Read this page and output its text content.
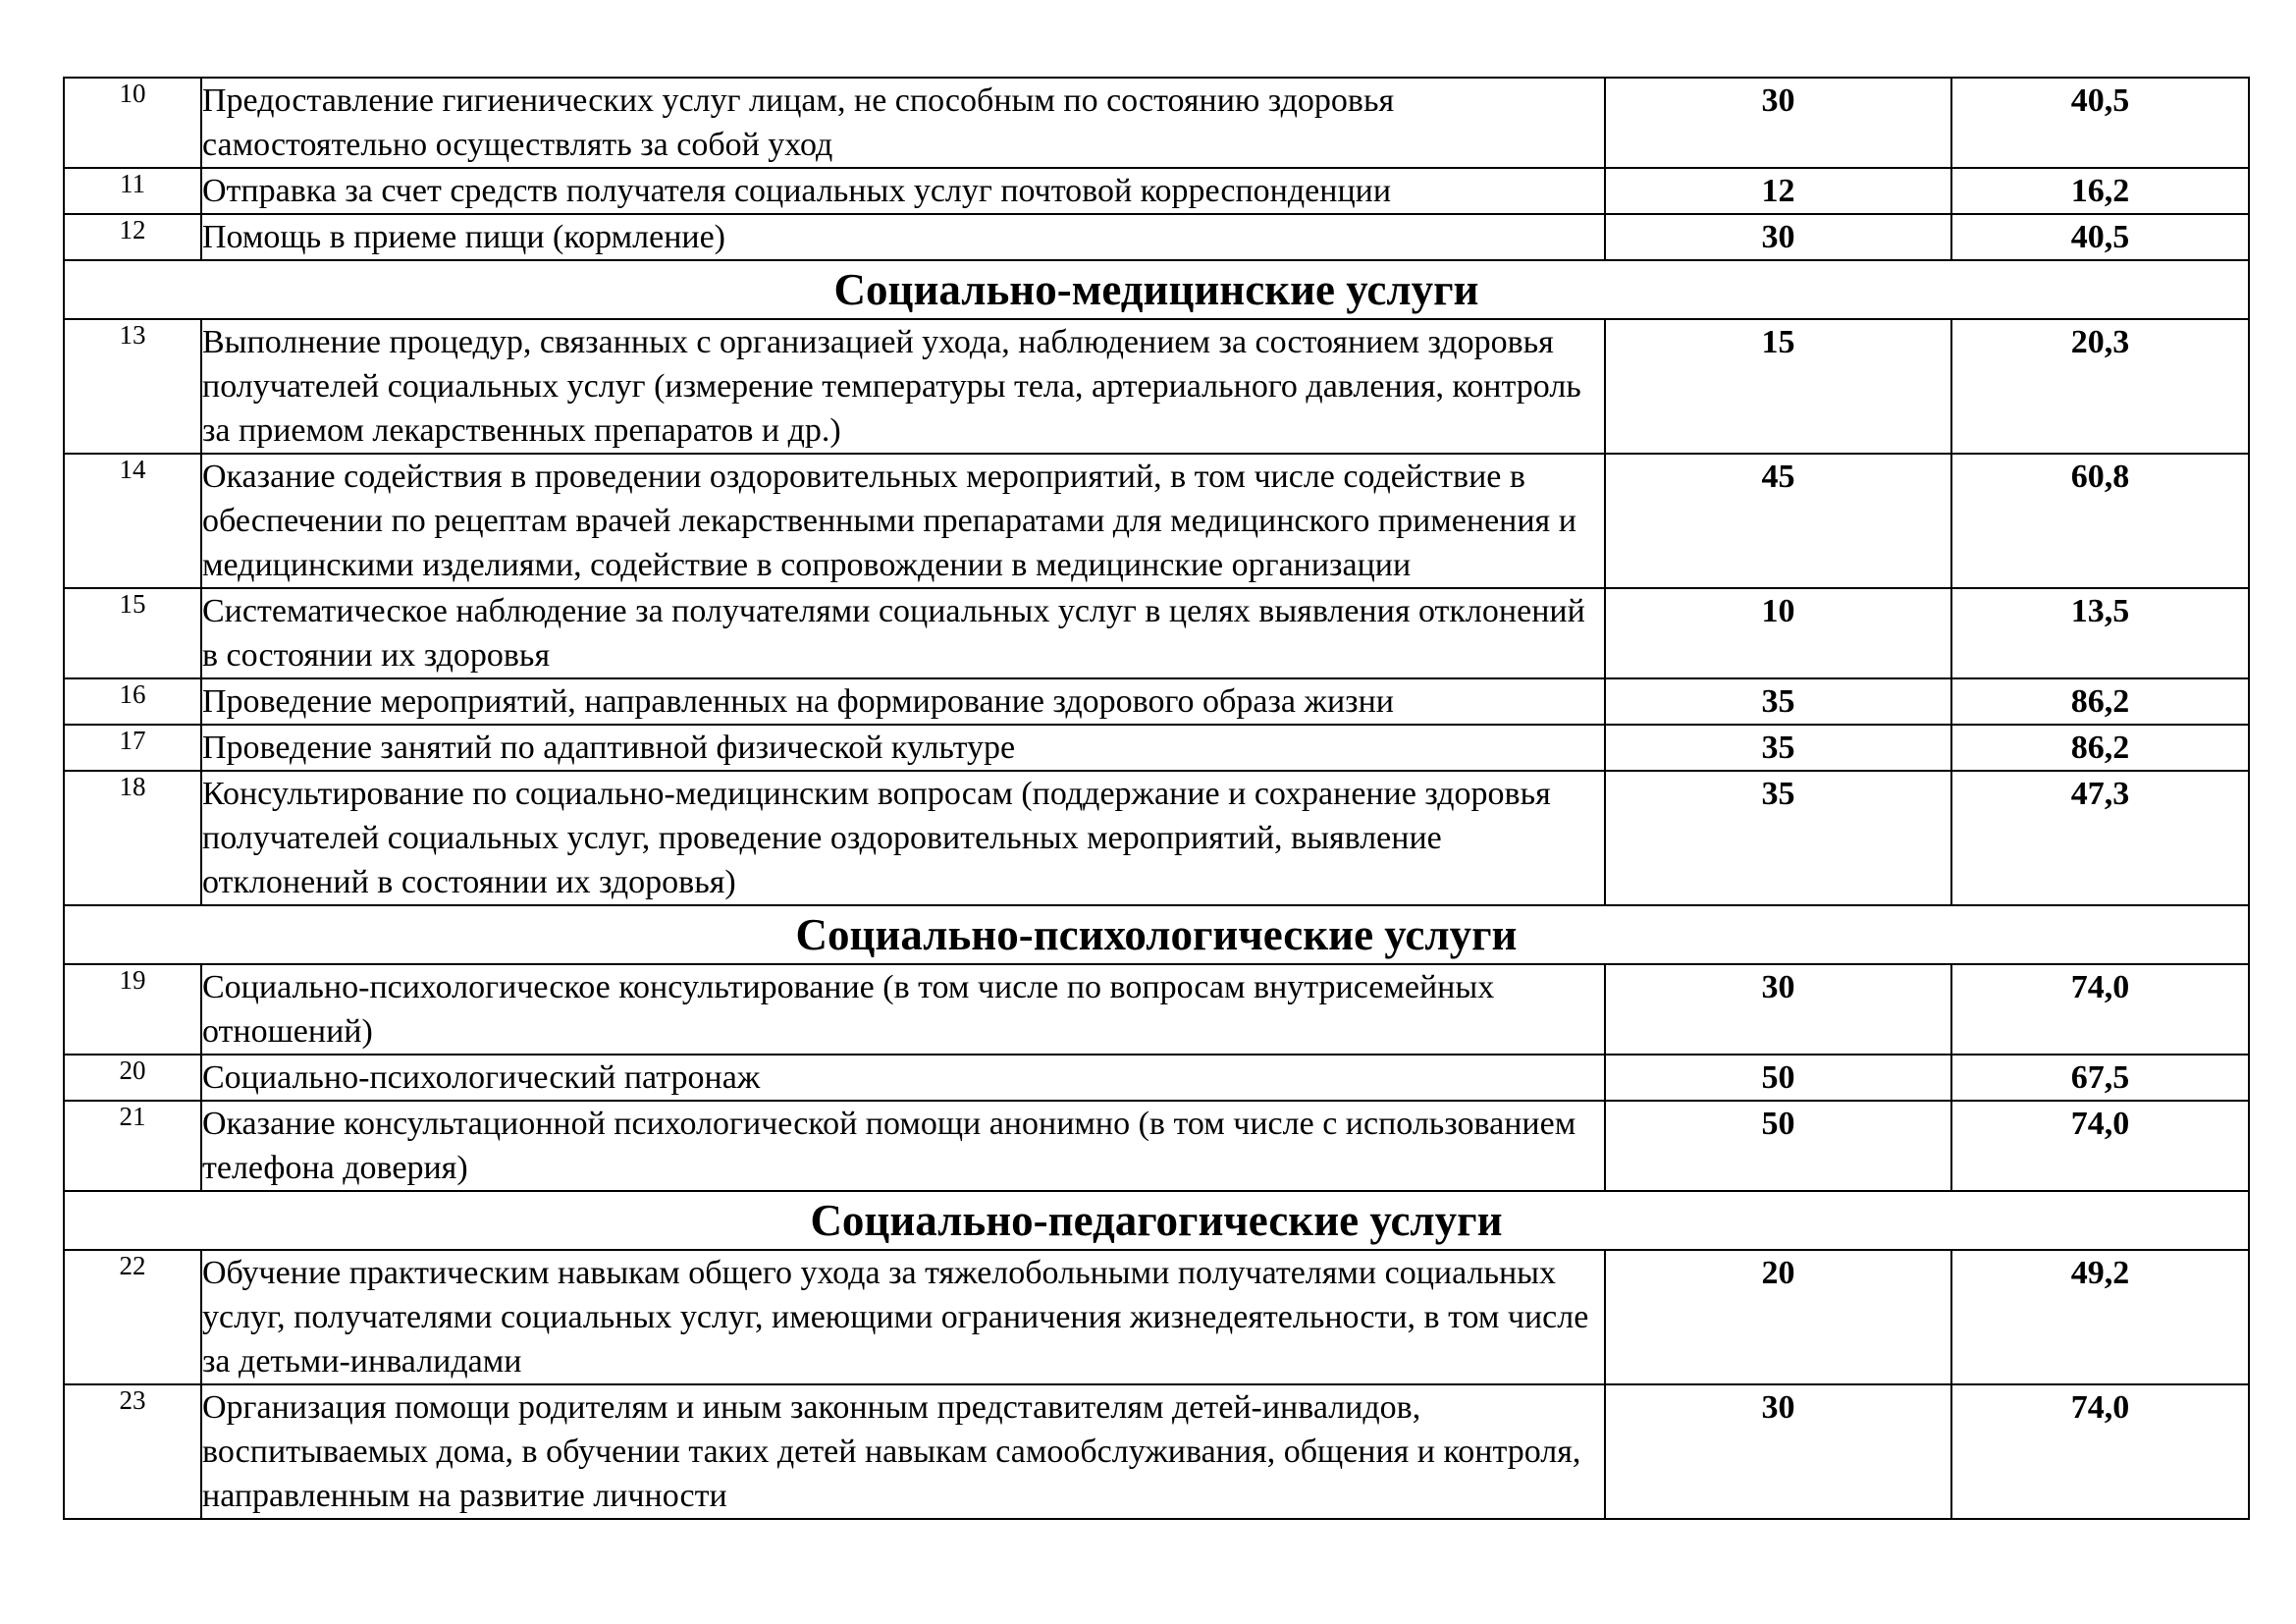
10	Предоставление гигиенических услуг лицам, не способным по состоянию здоровья самостоятельно осуществлять за собой уход	30	40,5
11	Отправка за счет средств получателя социальных услуг почтовой корреспонденции	12	16,2
12	Помощь в приеме пищи (кормление)	30	40,5
Социально-медицинские услуги			
13	Выполнение процедур, связанных с организацией ухода, наблюдением за состоянием здоровья получателей социальных услуг (измерение температуры тела, артериального давления, контроль за приемом лекарственных препаратов и др.)	15	20,3
14	Оказание содействия в проведении оздоровительных мероприятий, в том числе содействие в обеспечении по рецептам врачей лекарственными препаратами для медицинского применения и медицинскими изделиями, содействие в сопровождении в медицинские организации	45	60,8
15	Систематическое наблюдение за получателями социальных услуг в целях выявления отклонений в состоянии их здоровья	10	13,5
16	Проведение мероприятий, направленных на формирование здорового образа жизни	35	86,2
17	Проведение занятий по адаптивной физической культуре	35	86,2
18	Консультирование по социально-медицинским вопросам (поддержание и сохранение здоровья получателей социальных услуг, проведение оздоровительных мероприятий, выявление отклонений в состоянии их здоровья)	35	47,3
Социально-психологические услуги			
19	Социально-психологическое консультирование (в том числе по вопросам внутрисемейных отношений)	30	74,0
20	Социально-психологический патронаж	50	67,5
21	Оказание консультационной психологической помощи анонимно (в том числе с использованием телефона доверия)	50	74,0
Социально-педагогические услуги			
22	Обучение практическим навыкам общего ухода за тяжелобольными получателями социальных услуг, получателями социальных услуг, имеющими ограничения жизнедеятельности, в том числе за детьми-инвалидами	20	49,2
23	Организация помощи родителям и иным законным представителям детей-инвалидов, воспитываемых дома, в обучении таких детей навыкам самообслуживания, общения и контроля, направленным на развитие личности	30	74,0
